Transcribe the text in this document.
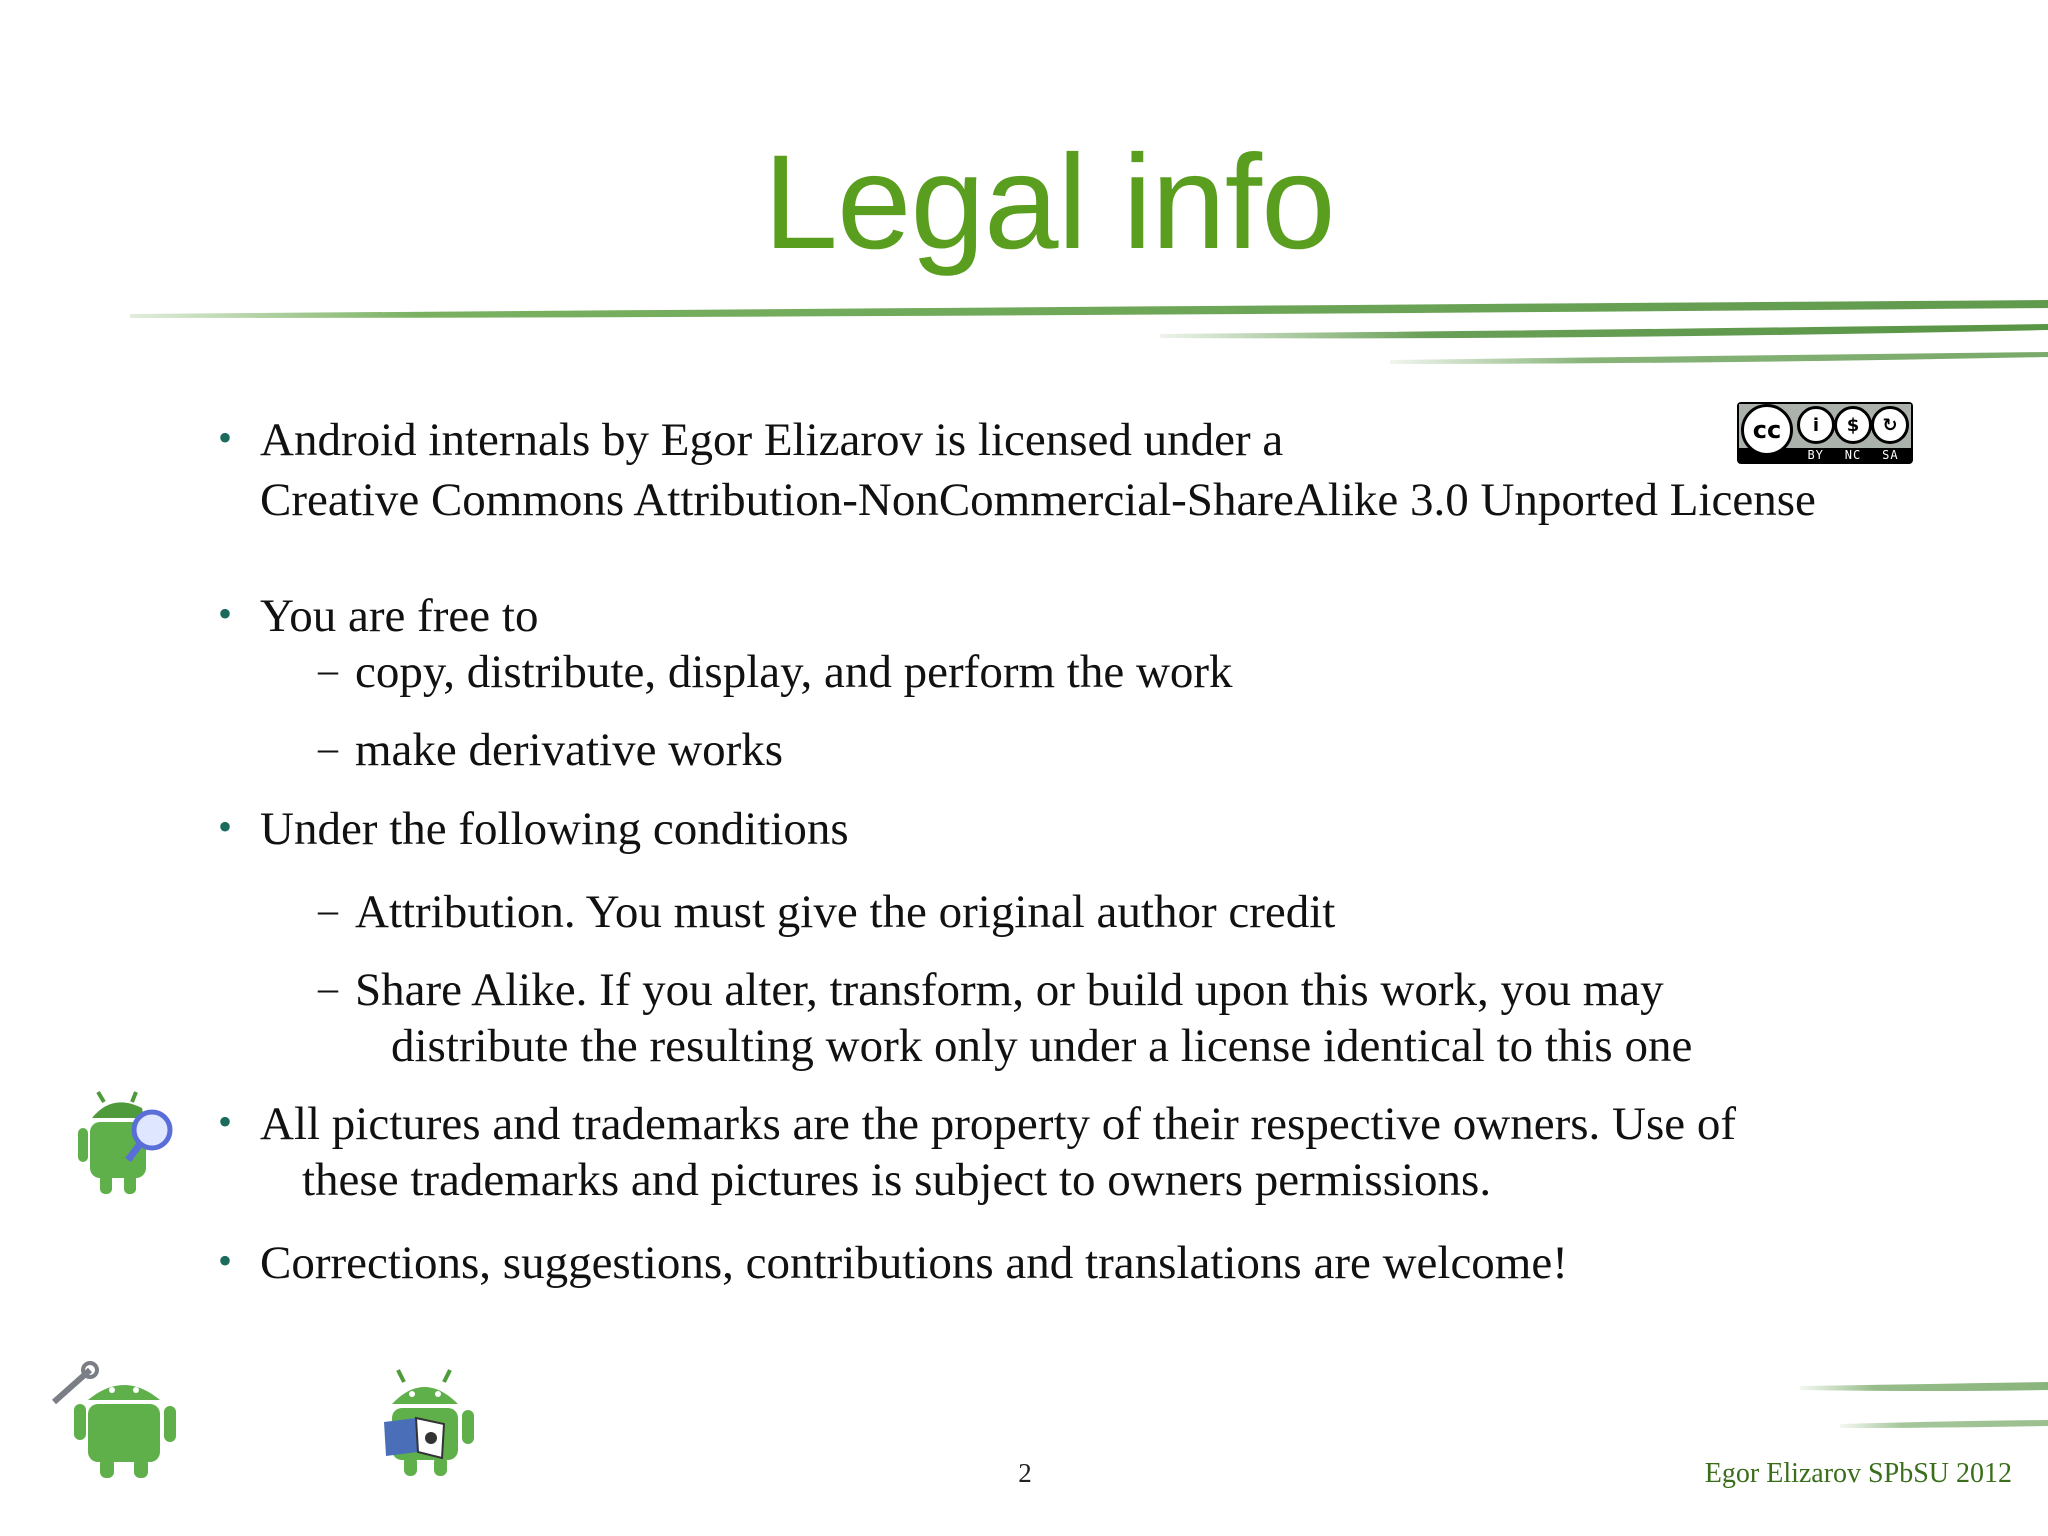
Legal info
• Android internals by Egor Elizarov is licensed under a
Creative Commons Attribution-NonCommercial-ShareAlike 3.0 Unported License
cc	i	$	↻
BY NC SA
• You are free to
– copy, distribute, display, and perform the work
– make derivative works
• Under the following conditions
– Attribution. You must give the original author credit
– Share Alike. If you alter, transform, or build upon this work, you may
distribute the resulting work only under a license identical to this one
• All pictures and trademarks are the property of their respective owners. Use of
these trademarks and pictures is subject to owners permissions.
• Corrections, suggestions, contributions and translations are welcome!
2	Egor Elizarov SPbSU 2012
